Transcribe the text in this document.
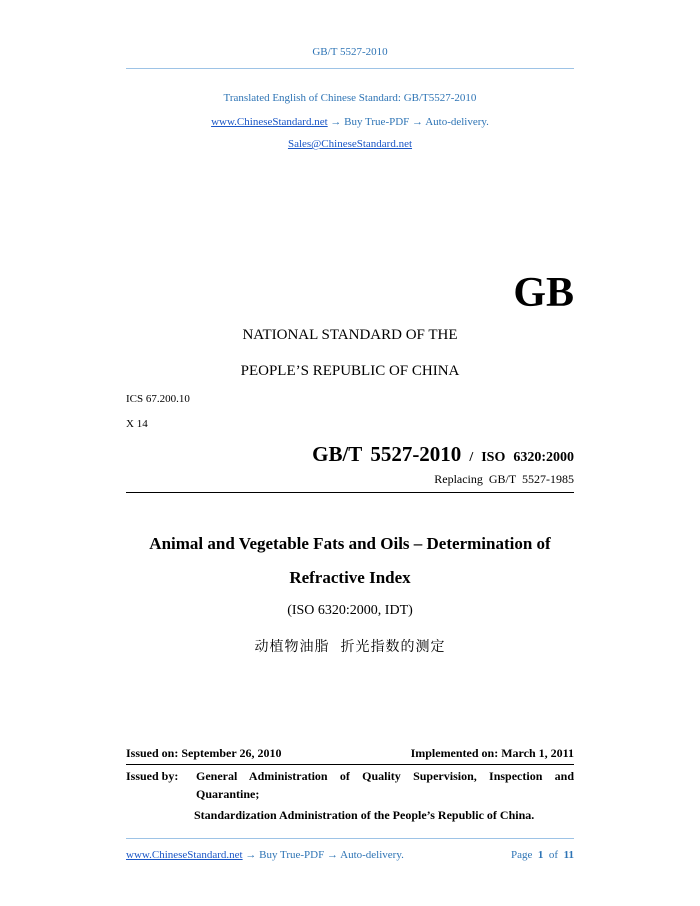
GB/T 5527-2010
Translated English of Chinese Standard: GB/T5527-2010
www.ChineseStandard.net → Buy True-PDF → Auto-delivery.
Sales@ChineseStandard.net
GB
NATIONAL STANDARD OF THE
PEOPLE’S REPUBLIC OF CHINA
ICS 67.200.10
X 14
GB/T 5527-2010 / ISO 6320:2000
Replacing  GB/T  5527-1985
Animal and Vegetable Fats and Oils – Determination of
Refractive Index
(ISO 6320:2000, IDT)
动植物油脂  折光指数的测定
Issued on: September 26, 2010	Implemented on: March 1, 2011
Issued by:	General Administration of Quality Supervision, Inspection and Quarantine;
Standardization Administration of the People’s Republic of China.
www.ChineseStandard.net → Buy True-PDF → Auto-delivery.	Page 1 of 11
